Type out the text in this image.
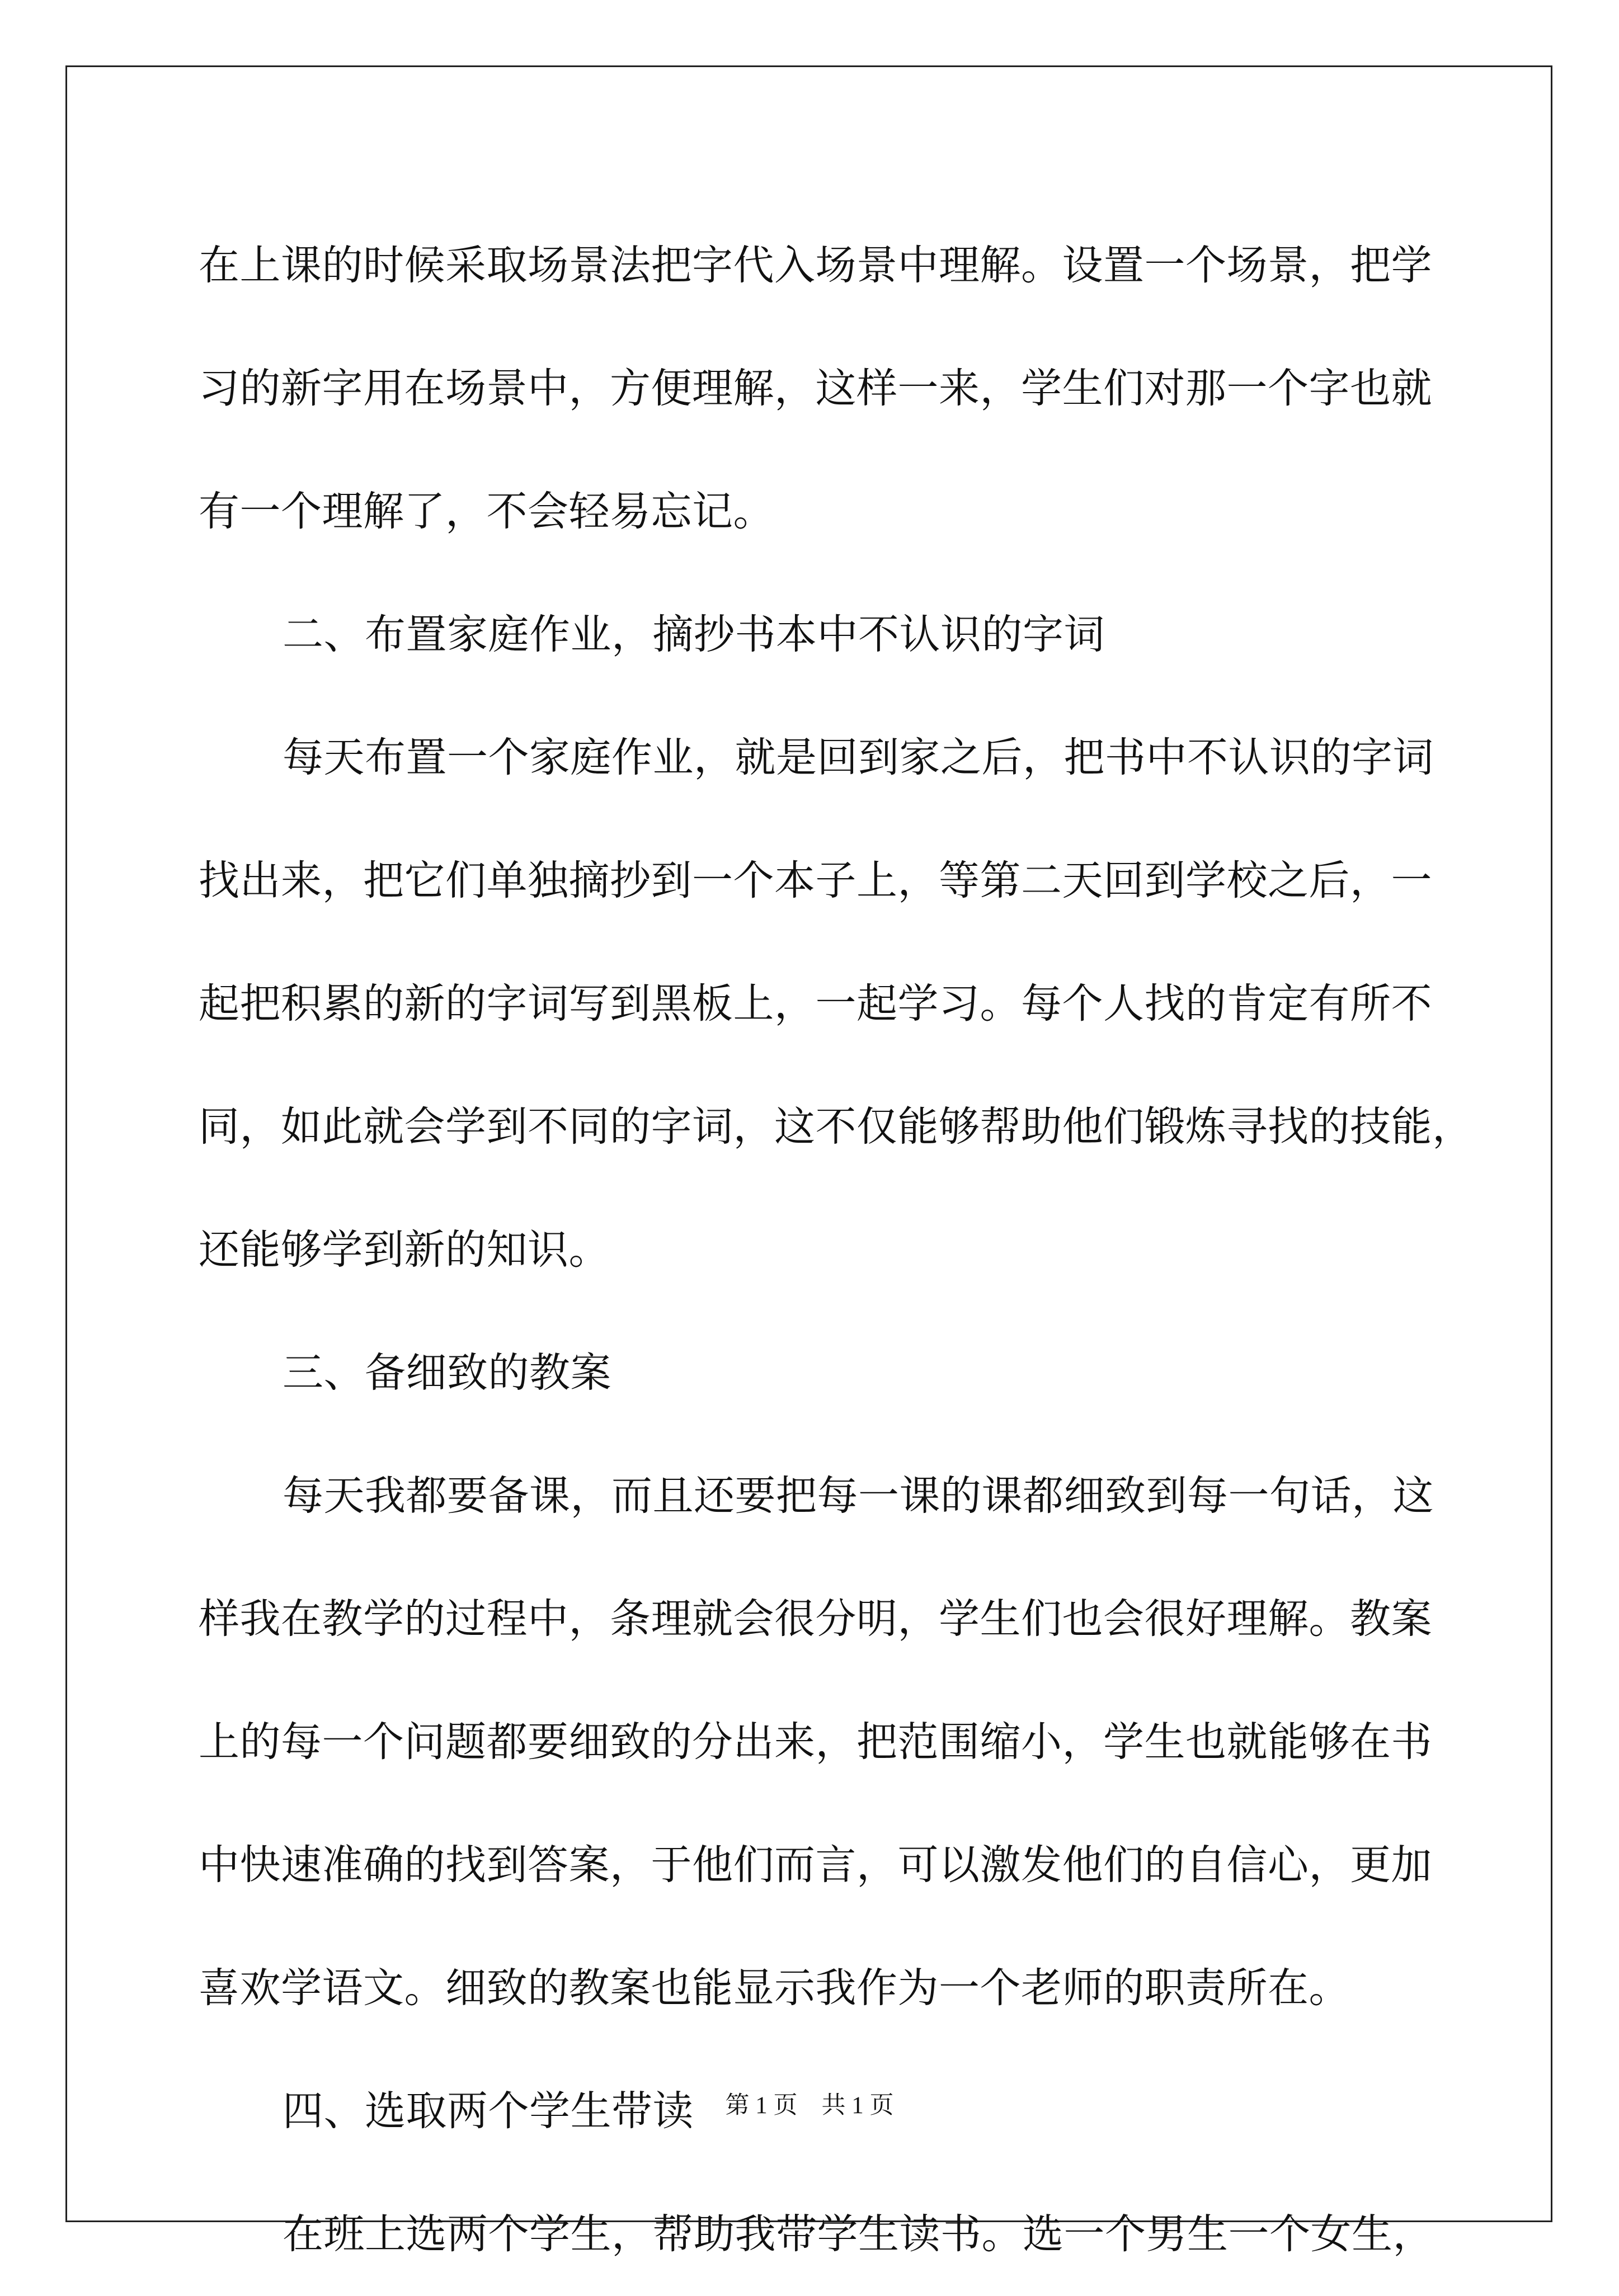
在上课的时候采取场景法把字代入场景中理解。设置一个场景，把学
习的新字用在场景中，方便理解，这样一来，学生们对那一个字也就
有一个理解了，不会轻易忘记。
二、布置家庭作业，摘抄书本中不认识的字词
每天布置一个家庭作业，就是回到家之后，把书中不认识的字词
找出来，把它们单独摘抄到一个本子上，等第二天回到学校之后，一
起把积累的新的字词写到黑板上，一起学习。每个人找的肯定有所不
同，如此就会学到不同的字词，这不仅能够帮助他们锻炼寻找的技能，
还能够学到新的知识。
三、备细致的教案
每天我都要备课，而且还要把每一课的课都细致到每一句话，这
样我在教学的过程中，条理就会很分明，学生们也会很好理解。教案
上的每一个问题都要细致的分出来，把范围缩小，学生也就能够在书
中快速准确的找到答案，于他们而言，可以激发他们的自信心，更加
喜欢学语文。细致的教案也能显示我作为一个老师的职责所在。
四、选取两个学生带读
在班上选两个学生，帮助我带学生读书。选一个男生一个女生，
第 1 页　共 1 页
